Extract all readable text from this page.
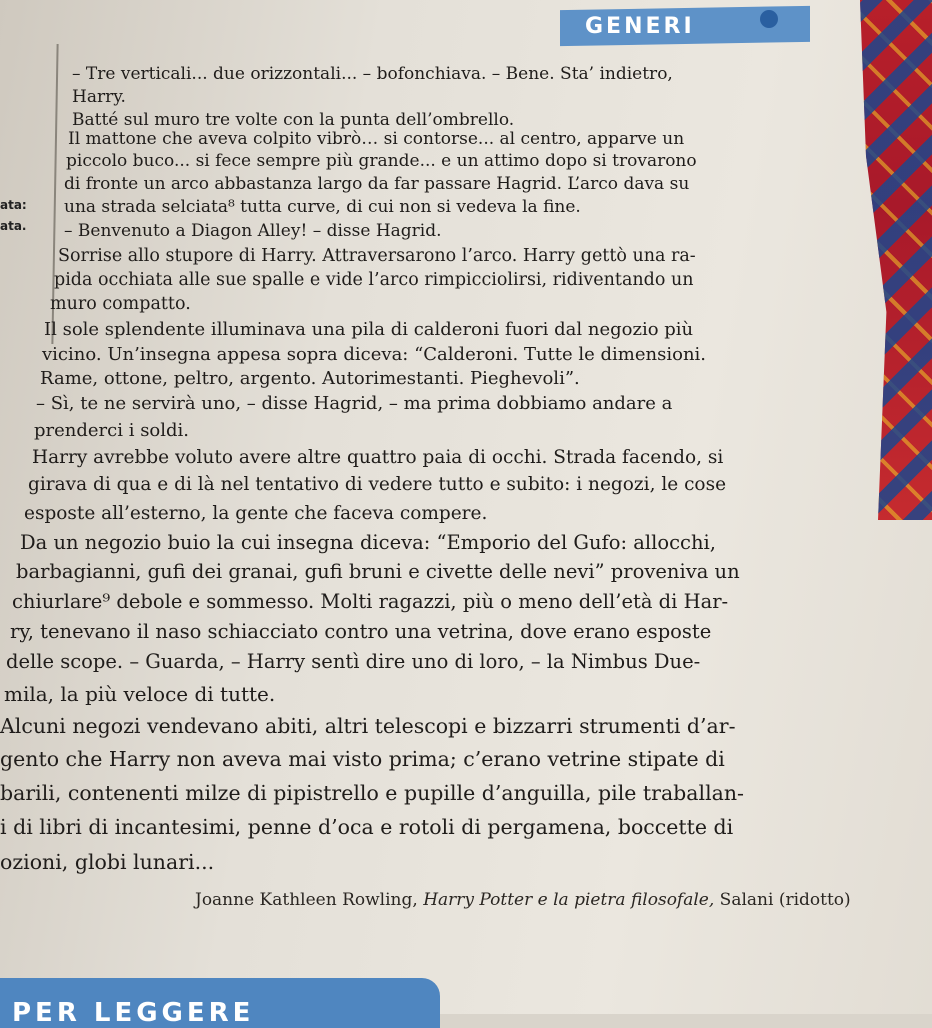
GENERI
ata:
ata.

– Tre verticali... due orizzontali... – bofonchiava. – Bene. Sta’ indietro,

Harry.

Batté sul muro tre volte con la punta dell’ombrello.

Il mattone che aveva colpito vibrò… si contorse... al centro, apparve un

piccolo buco... si fece sempre più grande... e un attimo dopo si trovarono

di fronte un arco abbastanza largo da far passare Hagrid. L’arco dava su

una strada selciata⁸ tutta curve, di cui non si vedeva la fine.

– Benvenuto a Diagon Alley! – disse Hagrid.

Sorrise allo stupore di Harry. Attraversarono l’arco. Harry gettò una ra-

pida occhiata alle sue spalle e vide l’arco rimpicciolirsi, ridiventando un

muro compatto.

Il sole splendente illuminava una pila di calderoni fuori dal negozio più

vicino. Un’insegna appesa sopra diceva: “Calderoni. Tutte le dimensioni.

Rame, ottone, peltro, argento. Autorimestanti. Pieghevoli”.

– Sì, te ne servirà uno, – disse Hagrid, – ma prima dobbiamo andare a

prenderci i soldi.

Harry avrebbe voluto avere altre quattro paia di occhi. Strada facendo, si

girava di qua e di là nel tentativo di vedere tutto e subito: i negozi, le cose

esposte all’esterno, la gente che faceva compere.

Da un negozio buio la cui insegna diceva: “Emporio del Gufo: allocchi,

barbagianni, gufi dei granai, gufi bruni e civette delle nevi” proveniva un

chiurlare⁹ debole e sommesso. Molti ragazzi, più o meno dell’età di Har-

ry, tenevano il naso schiacciato contro una vetrina, dove erano esposte

delle scope. – Guarda, – Harry sentì dire uno di loro, – la Nimbus Due-

mila, la più veloce di tutte.

Alcuni negozi vendevano abiti, altri telescopi e bizzarri strumenti d’ar-

gento che Harry non aveva mai visto prima; c’erano vetrine stipate di

barili, contenenti milze di pipistrello e pupille d’anguilla, pile traballan-

i di libri di incantesimi, penne d’oca e rotoli di pergamena, boccette di

ozioni, globi lunari...

Joanne Kathleen Rowling, Harry Potter e la pietra filosofale, Salani (ridotto)
PER LEGGERE
